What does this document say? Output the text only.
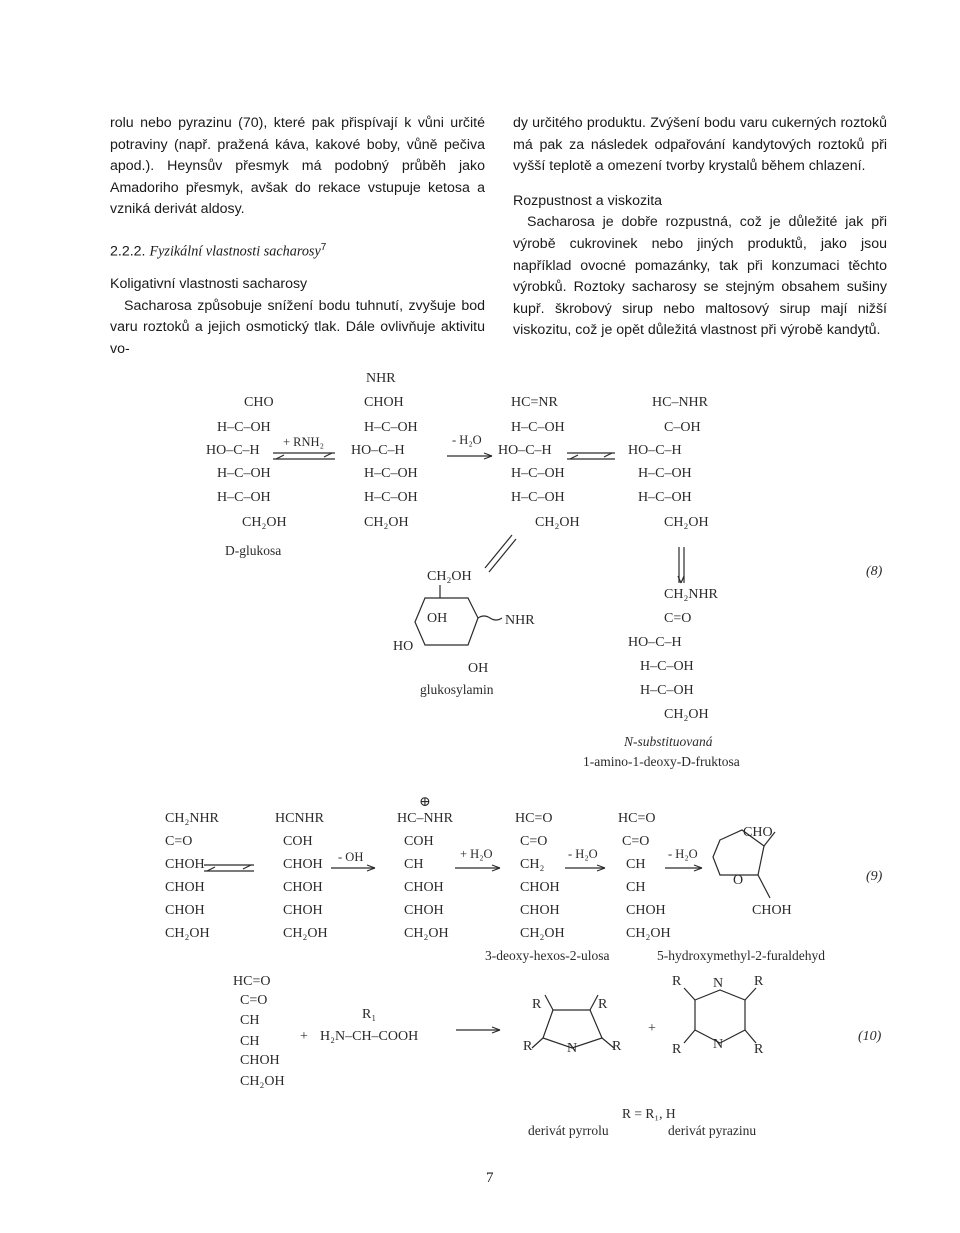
rolu nebo pyrazinu (70), které pak přispívají k vůni určité potraviny (např. pražená káva, kakové boby, vůně pečiva apod.). Heynsův přesmyk má podobný průběh jako Amadoriho přesmyk, avšak do rekace vstupuje ketosa a vzniká derivát aldosy.

2.2.2. Fyzikální vlastnosti sacharosy$^7$

Koligativní vlastnosti sacharosy

Sacharosa způsobuje snížení bodu tuhnutí, zvyšuje bod varu roztoků a jejich osmotický tlak. Dále ovlivňuje aktivitu vo-

dy určitého produktu. Zvýšení bodu varu cukerných roztoků má pak za následek odpařování kandytových roztoků při vyšší teplotě a omezení tvorby krystalů během chlazení.

Rozpustnost a viskozita

Sacharosa je dobře rozpustná, což je důležité jak při výrobě cukrovinek nebo jiných produktů, jako jsou například ovocné pomazánky, tak při konzumaci těchto výrobků. Roztoky sacharosy se stejným obsahem sušiny kupř. škrobový sirup nebo maltosový sirup mají nižší viskozitu, což je opět důležitá vlastnost při výrobě kandytů.

CHO
H–C–OH
HO–C–H
H–C–OH
H–C–OH
CH₂OH
D-glukosa
+ RNH₂
NHR
CHOH
H–C–OH
HO–C–H
H–C–OH
H–C–OH
CH₂OH
- H₂O
HC=NR
H–C–OH
HO–C–H
H–C–OH
H–C–OH
CH₂OH
HC–NHR
C–OH
HO–C–H
H–C–OH
H–C–OH
CH₂OH
CH₂OH
OH
HO
OH
NHR
glukosylamin
CH₂NHR
C=O
HO–C–H
H–C–OH
H–C–OH
CH₂OH
N-substituovaná
1-amino-1-deoxy-D-fruktosa
(8)
CH₂NHR
C=O
CHOH
CHOH
CHOH
CH₂OH
HCNHR
COH
CHOH
CHOH
CHOH
CH₂OH
- OH
⊕
HC–NHR
COH
CH
CHOH
CHOH
CH₂OH
+ H₂O
HC=O
C=O
CH₂
CHOH
CHOH
CH₂OH
3-deoxy-hexos-2-ulosa
- H₂O
HC=O
C=O
CH
CH
CHOH
CH₂OH
- H₂O
CHO
O
CHOH
5-hydroxymethyl-2-furaldehyd
(9)
HC=O
C=O
CH
CH
CHOH
CH₂OH
+
R₁
H₂N–CH–COOH
R	R
R	R
N
derivát pyrrolu
+
R	R
R	R
N
N
derivát pyrazinu
R = R₁, H
(10)
7
